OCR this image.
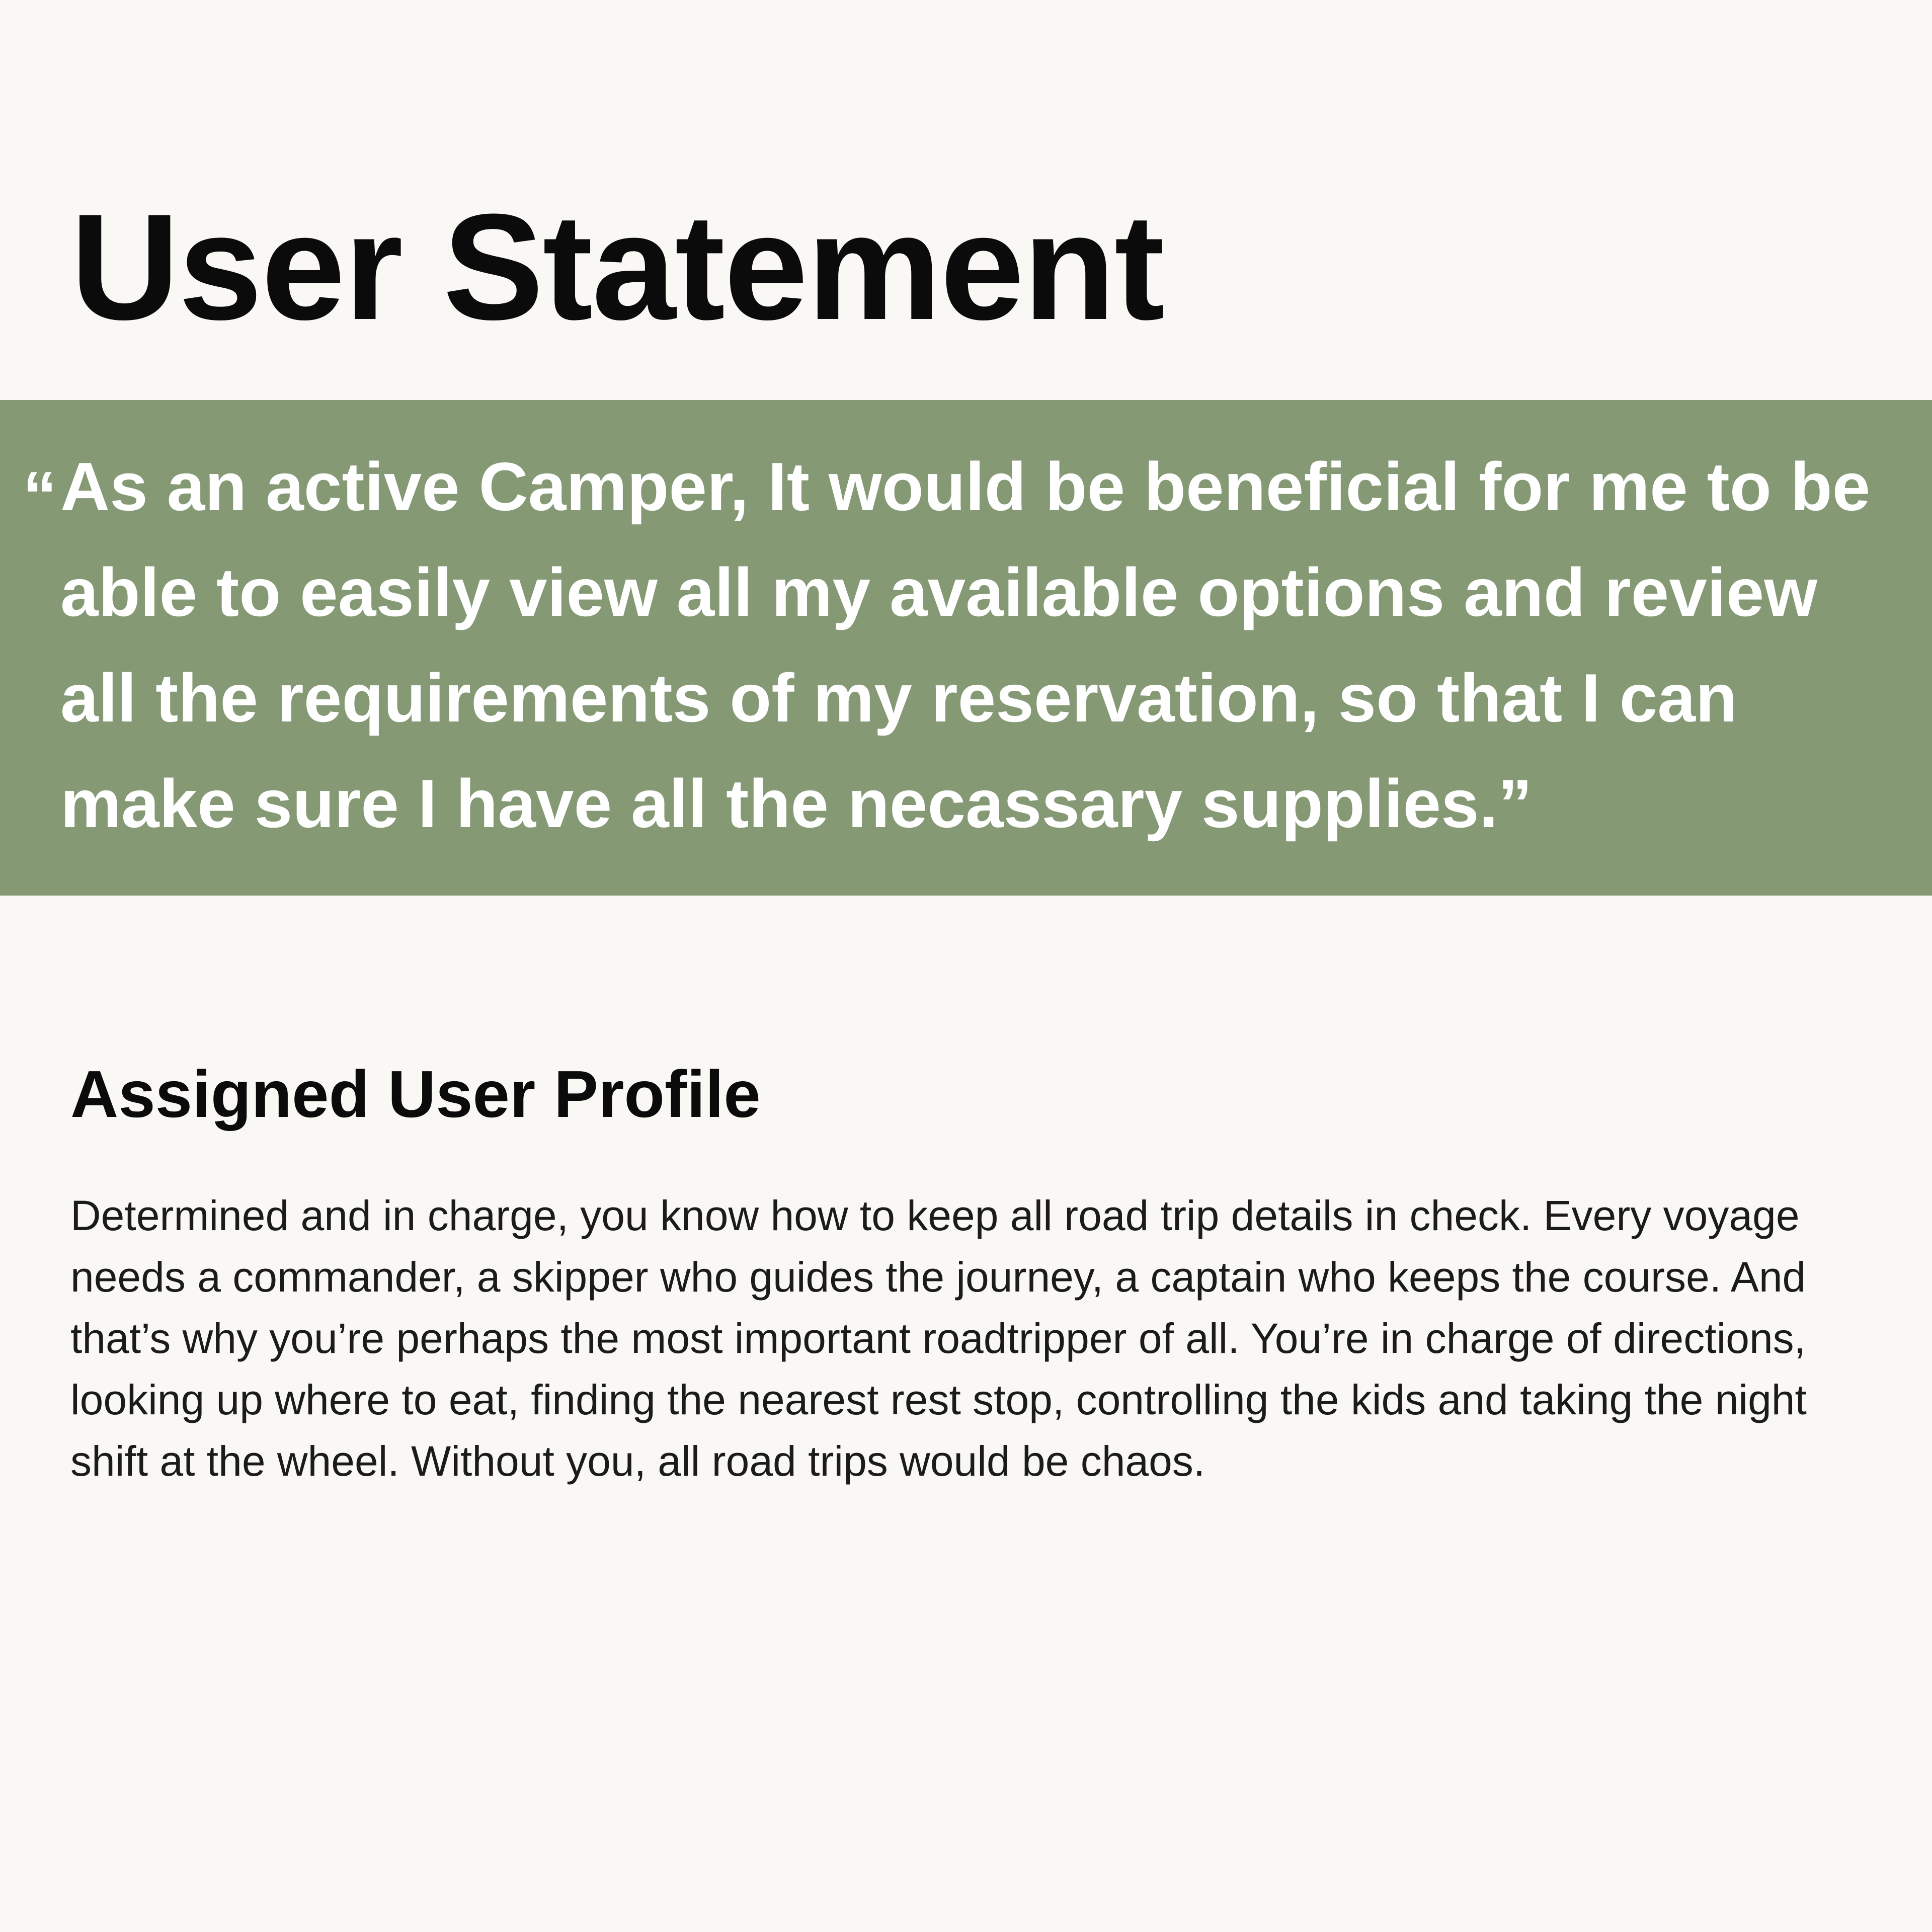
User Statement
“ As an active Camper, It would be beneficial for me to be able to easily view all my available options and review all the requirements of my reservation, so that I can make sure I have all the necassary supplies.”

Assigned User Profile

Determined and in charge, you know how to keep all road trip details in check. Every voyage needs a commander, a skipper who guides the journey, a captain who keeps the course. And that’s why you’re perhaps the most important roadtripper of all. You’re in charge of directions, looking up where to eat, finding the nearest rest stop, controlling the kids and taking the night shift at the wheel. Without you, all road trips would be chaos.
